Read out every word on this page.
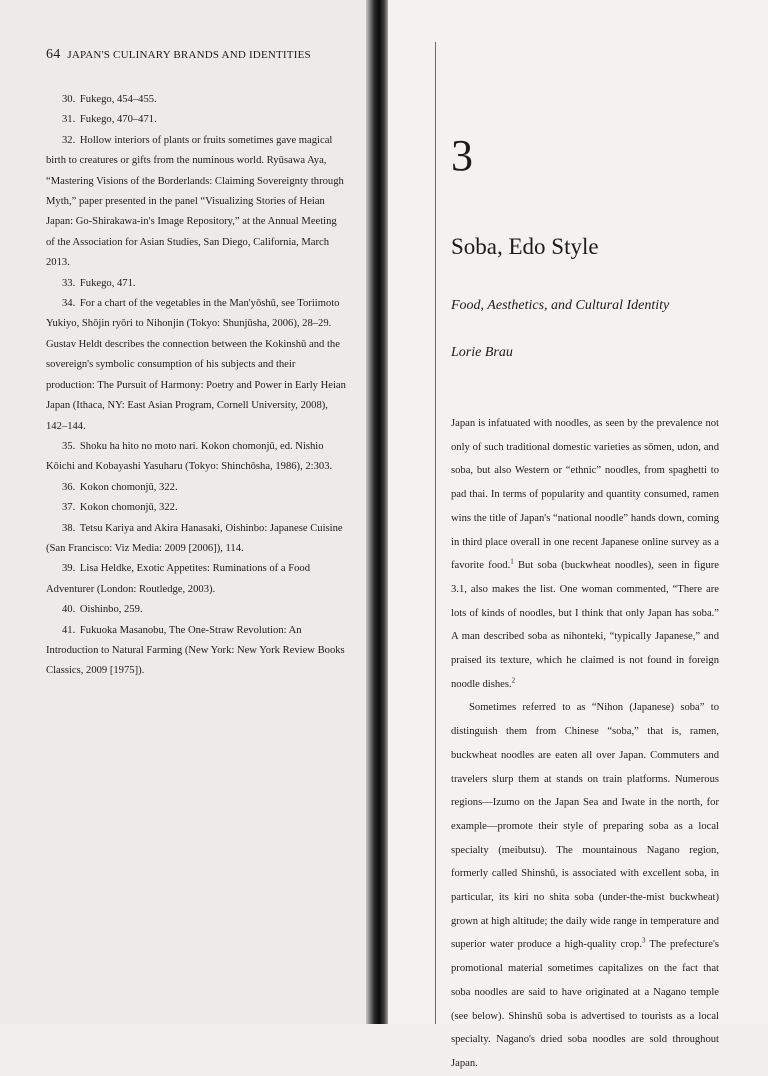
64 JAPAN'S CULINARY BRANDS AND IDENTITIES

30. Fukego, 454–455.

31. Fukego, 470–471.

32. Hollow interiors of plants or fruits sometimes gave magical birth to creatures or gifts from the numinous world. Ryūsawa Aya, “Mastering Visions of the Borderlands: Claiming Sovereignty through Myth,” paper presented in the panel “Visualizing Stories of Heian Japan: Go-Shirakawa-in's Image Repository,” at the Annual Meeting of the Association for Asian Studies, San Diego, California, March 2013.

33. Fukego, 471.

34. For a chart of the vegetables in the Man'yōshū, see Toriimoto Yukiyo, Shōjin ryōri to Nihonjin (Tokyo: Shunjūsha, 2006), 28–29. Gustav Heldt describes the connection between the Kokinshū and the sovereign's symbolic consumption of his subjects and their production: The Pursuit of Harmony: Poetry and Power in Early Heian Japan (Ithaca, NY: East Asian Program, Cornell University, 2008), 142–144.

35. Shoku ha hito no moto nari. Kokon chomonjū, ed. Nishio Kōichi and Kobayashi Yasuharu (Tokyo: Shinchōsha, 1986), 2:303.

36. Kokon chomonjū, 322.

37. Kokon chomonjū, 322.

38. Tetsu Kariya and Akira Hanasaki, Oishinbo: Japanese Cuisine (San Francisco: Viz Media: 2009 [2006]), 114.

39. Lisa Heldke, Exotic Appetites: Ruminations of a Food Adventurer (London: Routledge, 2003).

40. Oishinbo, 259.

41. Fukuoka Masanobu, The One-Straw Revolution: An Introduction to Natural Farming (New York: New York Review Books Classics, 2009 [1975]).

3
Soba, Edo Style
Food, Aesthetics, and Cultural Identity
Lorie Brau

Japan is infatuated with noodles, as seen by the prevalence not only of such traditional domestic varieties as sōmen, udon, and soba, but also Western or “ethnic” noodles, from spaghetti to pad thai. In terms of popularity and quantity consumed, ramen wins the title of Japan's “national noodle” hands down, coming in third place overall in one recent Japanese online survey as a favorite food.$^1$ But soba (buckwheat noodles), seen in figure 3.1, also makes the list. One woman commented, “There are lots of kinds of noodles, but I think that only Japan has soba.” A man described soba as nihonteki, “typically Japanese,” and praised its texture, which he claimed is not found in foreign noodle dishes.$^2$

Sometimes referred to as “Nihon (Japanese) soba” to distinguish them from Chinese “soba,” that is, ramen, buckwheat noodles are eaten all over Japan. Commuters and travelers slurp them at stands on train platforms. Numerous regions—Izumo on the Japan Sea and Iwate in the north, for example—promote their style of preparing soba as a local specialty (meibutsu). The mountainous Nagano region, formerly called Shinshū, is associated with excellent soba, in particular, its kiri no shita soba (under-the-mist buckwheat) grown at high altitude; the daily wide range in temperature and superior water produce a high-quality crop.$^3$ The prefecture's promotional material sometimes capitalizes on the fact that soba noodles are said to have originated at a Nagano temple (see below). Shinshū soba is advertised to tourists as a local specialty. Nagano's dried soba noodles are sold throughout Japan.
